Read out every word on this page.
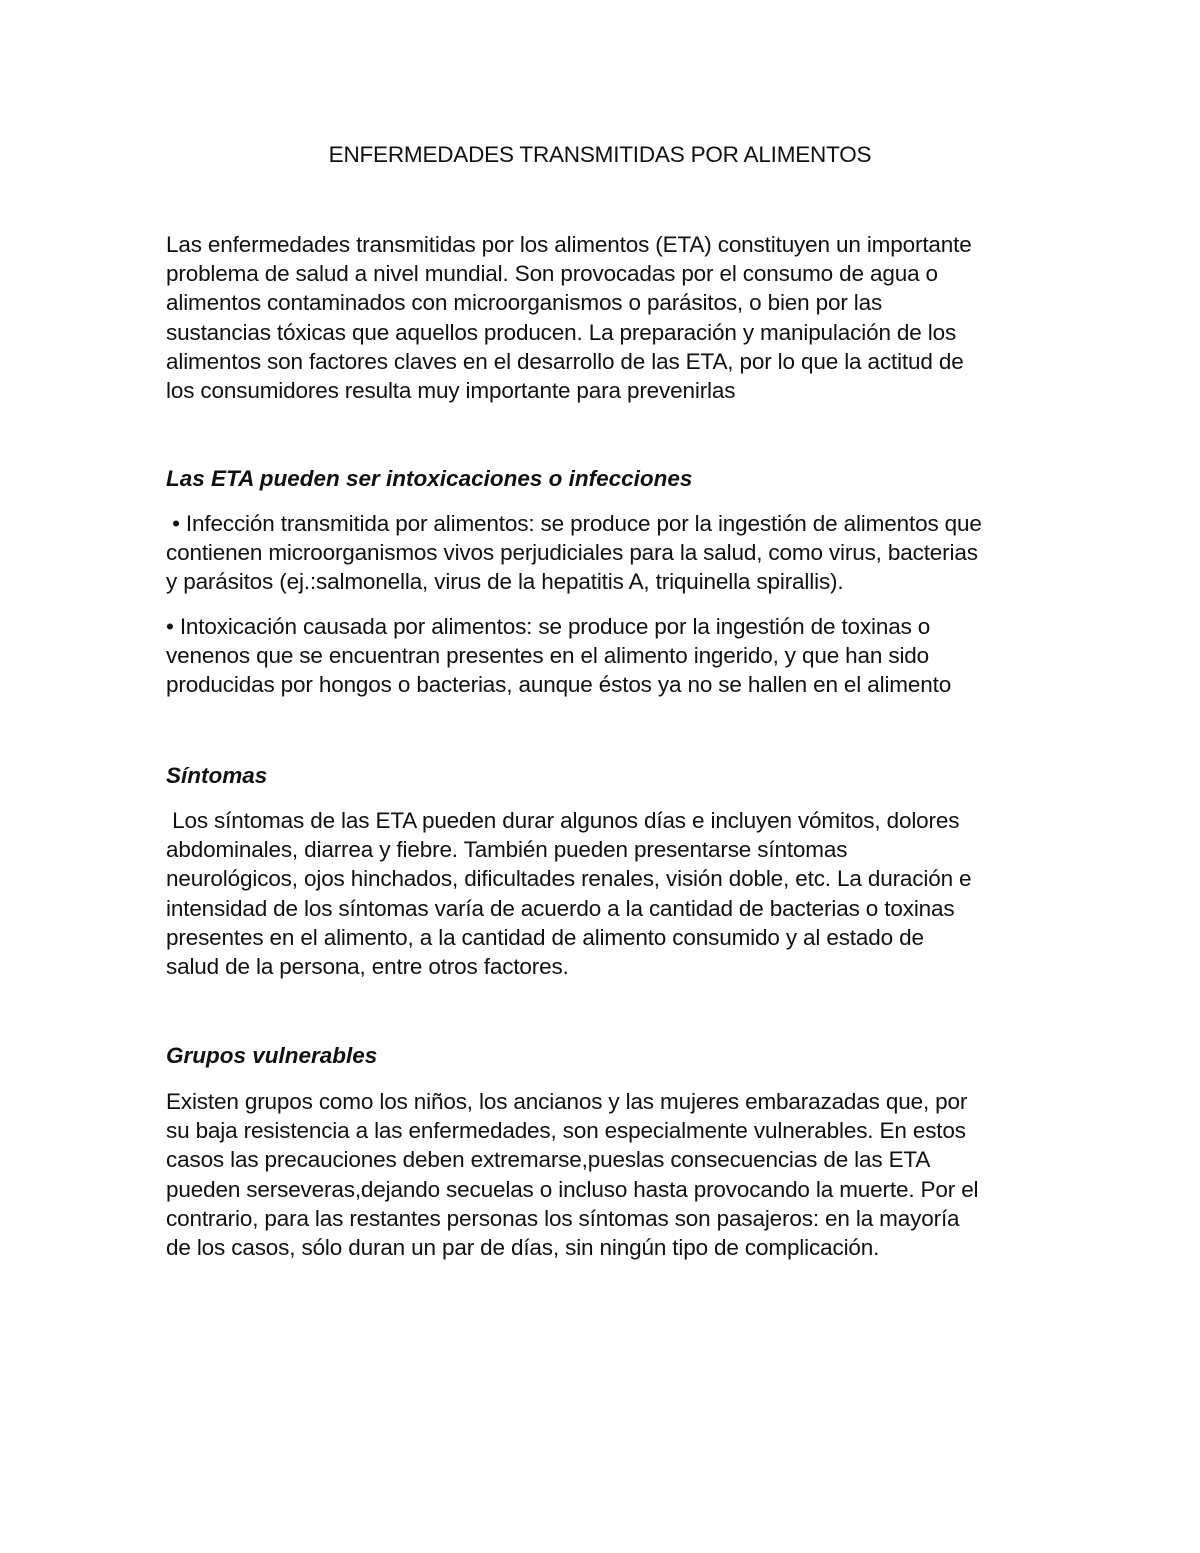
ENFERMEDADES TRANSMITIDAS POR ALIMENTOS
Las enfermedades transmitidas por los alimentos (ETA) constituyen un importante
problema de salud a nivel mundial. Son provocadas por el consumo de agua o
alimentos contaminados con microorganismos o parásitos, o bien por las
sustancias tóxicas que aquellos producen. La preparación y manipulación de los
alimentos son factores claves en el desarrollo de las ETA, por lo que la actitud de
los consumidores resulta muy importante para prevenirlas
Las ETA pueden ser intoxicaciones o infecciones
• Infección transmitida por alimentos: se produce por la ingestión de alimentos que
contienen microorganismos vivos perjudiciales para la salud, como virus, bacterias
y parásitos (ej.:salmonella, virus de la hepatitis A, triquinella spirallis).
• Intoxicación causada por alimentos: se produce por la ingestión de toxinas o
venenos que se encuentran presentes en el alimento ingerido, y que han sido
producidas por hongos o bacterias, aunque éstos ya no se hallen en el alimento
Síntomas
Los síntomas de las ETA pueden durar algunos días e incluyen vómitos, dolores
abdominales, diarrea y fiebre. También pueden presentarse síntomas
neurológicos, ojos hinchados, dificultades renales, visión doble, etc. La duración e
intensidad de los síntomas varía de acuerdo a la cantidad de bacterias o toxinas
presentes en el alimento, a la cantidad de alimento consumido y al estado de
salud de la persona, entre otros factores.
Grupos vulnerables
Existen grupos como los niños, los ancianos y las mujeres embarazadas que, por
su baja resistencia a las enfermedades, son especialmente vulnerables. En estos
casos las precauciones deben extremarse,pueslas consecuencias de las ETA
pueden serseveras,dejando secuelas o incluso hasta provocando la muerte. Por el
contrario, para las restantes personas los síntomas son pasajeros: en la mayoría
de los casos, sólo duran un par de días, sin ningún tipo de complicación.
